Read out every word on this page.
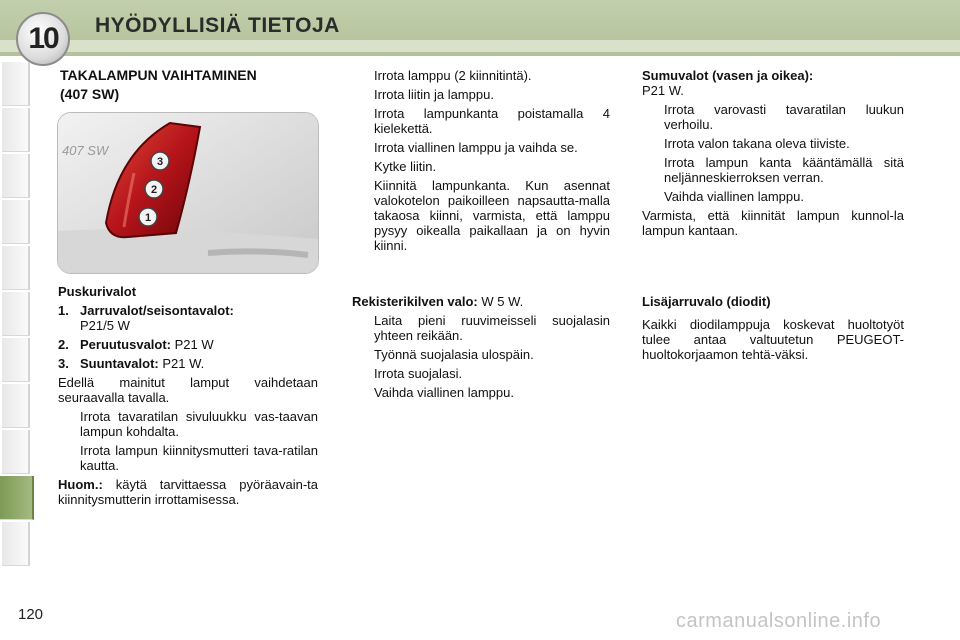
10	HYÖDYLLISIÄ TIETOJA

TAKALAMPUN VAIHTAMINEN

(407 SW)

407 SW
3
2
1

Puskurivalot

1. Jarruvalot/seisontavalot:
P21/5 W
2. Peruutusvalot: P21 W
3. Suuntavalot: P21 W.

Edellä mainitut lamput vaihdetaan seuraavalla tavalla.

Irrota tavaratilan sivuluukku vas-taavan lampun kohdalta.
Irrota lampun kiinnitysmutteri tava-ratilan kautta.

Huom.: käytä tarvittaessa pyöräavain-ta kiinnitysmutterin irrottamisessa.

Irrota lamppu (2 kiinnitintä).
Irrota liitin ja lamppu.
Irrota lampunkanta poistamalla 4 kielekettä.
Irrota viallinen lamppu ja vaihda se.
Kytke liitin.
Kiinnitä lampunkanta. Kun asennat valokotelon paikoilleen napsautta-malla takaosa kiinni, varmista, että lamppu pysyy oikealla paikallaan ja on hyvin kiinni.

Rekisterikilven valo: W 5 W.

Laita pieni ruuvimeisseli suojalasin yhteen reikään.
Työnnä suojalasia ulospäin.
Irrota suojalasi.
Vaihda viallinen lamppu.

Sumuvalot (vasen ja oikea):

P21 W.

Irrota varovasti tavaratilan luukun verhoilu.
Irrota valon takana oleva tiiviste.
Irrota lampun kanta kääntämällä sitä neljänneskierroksen verran.
Vaihda viallinen lamppu.

Varmista, että kiinnität lampun kunnol-la lampun kantaan.

Lisäjarruvalo (diodit)

Kaikki diodilamppuja koskevat huoltotyöt tulee antaa valtuutetun PEUGEOT-huoltokorjaamon tehtä-väksi.

120	carmanualsonline.info
